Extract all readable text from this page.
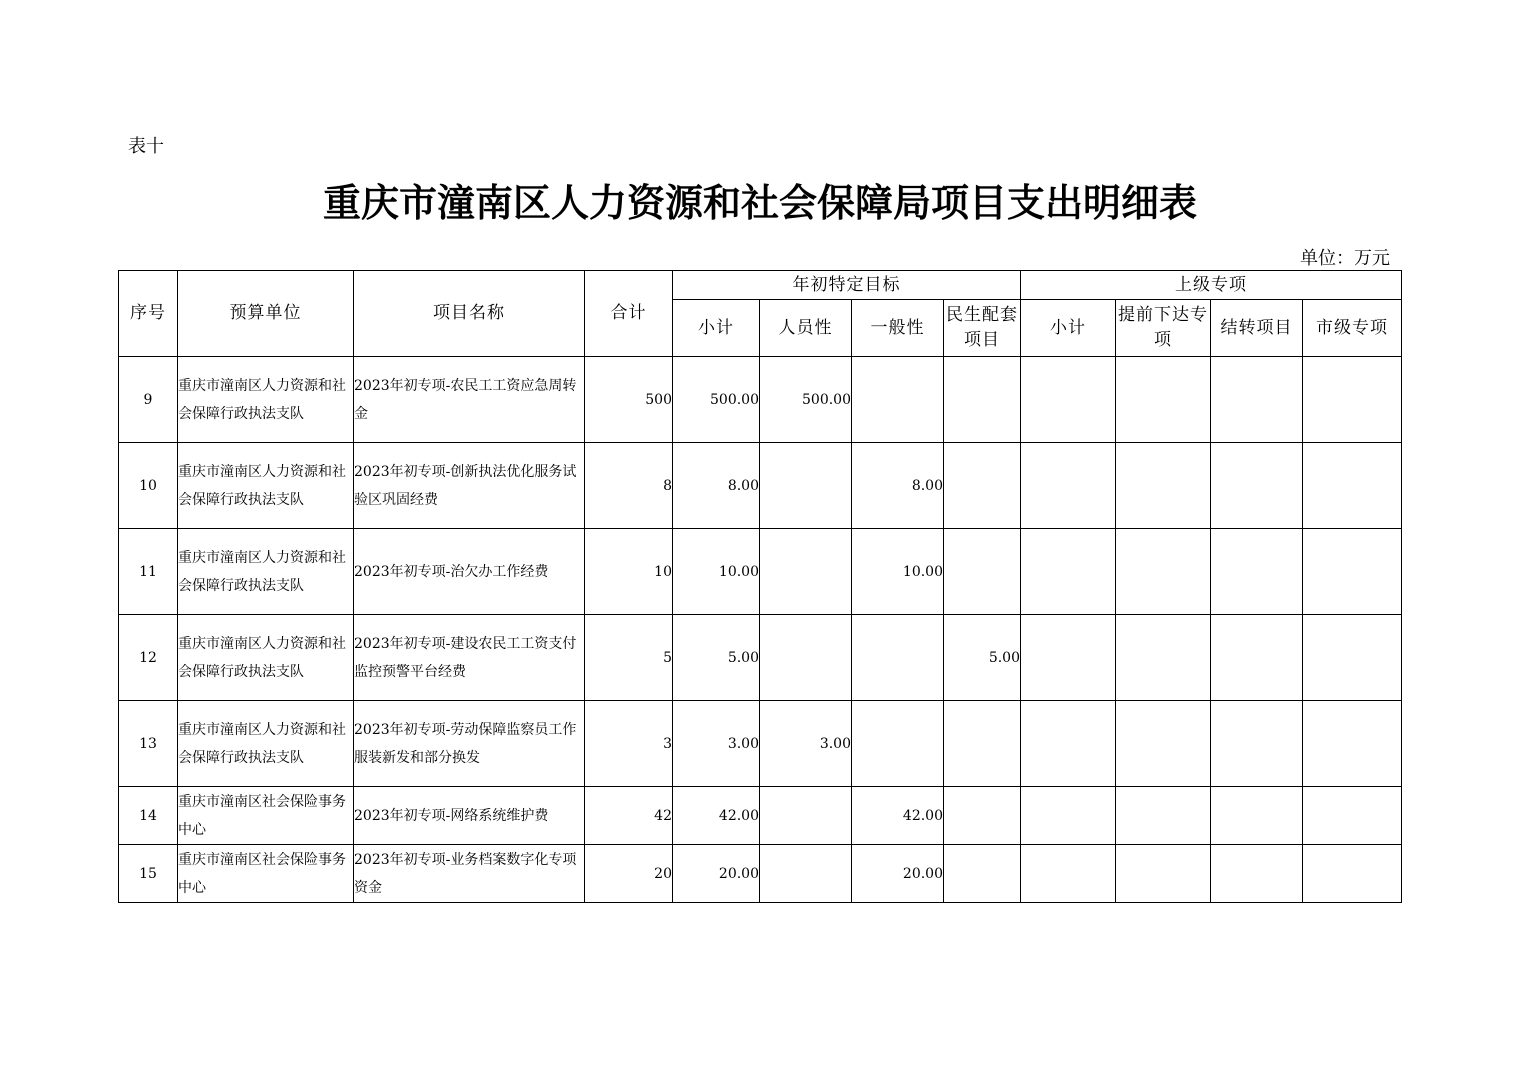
表十
重庆市潼南区人力资源和社会保障局项目支出明细表
单位：万元
序号	预算单位	项目名称	合计	年初特定目标				上级专项			
				小计	人员性	一般性	民生配套项目	小计	提前下达专项	结转项目	市级专项
9	重庆市潼南区人力资源和社会保障行政执法支队	2023年初专项-农民工工资应急周转金	500	500.00	500.00						
10	重庆市潼南区人力资源和社会保障行政执法支队	2023年初专项-创新执法优化服务试验区巩固经费	8	8.00		8.00					
11	重庆市潼南区人力资源和社会保障行政执法支队	2023年初专项-治欠办工作经费	10	10.00		10.00					
12	重庆市潼南区人力资源和社会保障行政执法支队	2023年初专项-建设农民工工资支付监控预警平台经费	5	5.00			5.00				
13	重庆市潼南区人力资源和社会保障行政执法支队	2023年初专项-劳动保障监察员工作服装新发和部分换发	3	3.00	3.00						
14	重庆市潼南区社会保险事务中心	2023年初专项-网络系统维护费	42	42.00		42.00					
15	重庆市潼南区社会保险事务中心	2023年初专项-业务档案数字化专项资金	20	20.00		20.00					
